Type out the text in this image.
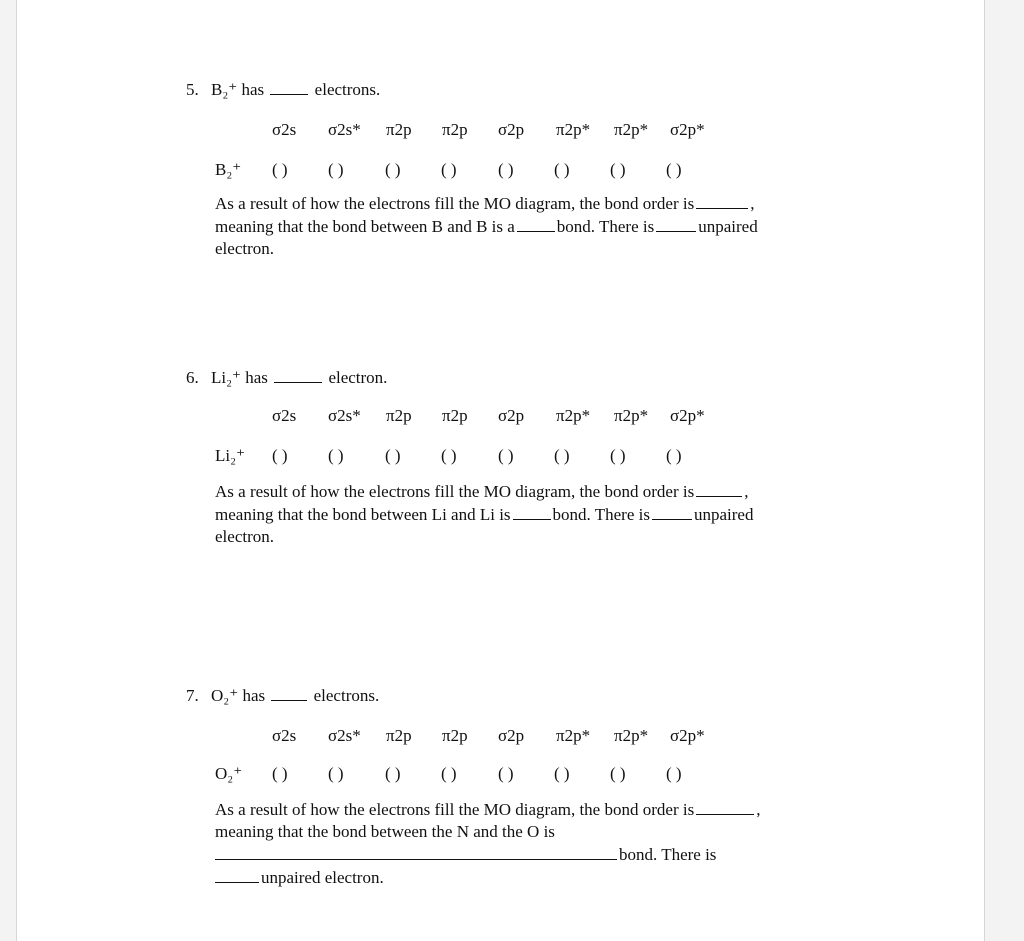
5. B₂⁺ has	electrons.
σ2s σ2s* π2p π2p σ2p π2p* π2p* σ2p*
B₂⁺ ( ) ( ) ( ) ( ) ( ) ( ) ( ) ( )
As a result of how the electrons fill the MO diagram, the bond order is	,
meaning that the bond between B and B is a bond. There is	unpaired
electron.
6. Li₂⁺ has	electron.
σ2s σ2s* π2p π2p σ2p π2p* π2p* σ2p*
Li₂⁺ ( ) ( ) ( ) ( ) ( ) ( ) ( ) ( )
As a result of how the electrons fill the MO diagram, the bond order is	,
meaning that the bond between Li and Li is bond. There is	unpaired
electron.
7. O₂⁺ has	electrons.
σ2s σ2s* π2p π2p σ2p π2p* π2p* σ2p*
O₂⁺ ( ) ( ) ( ) ( ) ( ) ( ) ( ) ( )
As a result of how the electrons fill the MO diagram, the bond order is	,
meaning that the bond between the N and the O is
bond. There is
unpaired electron.
